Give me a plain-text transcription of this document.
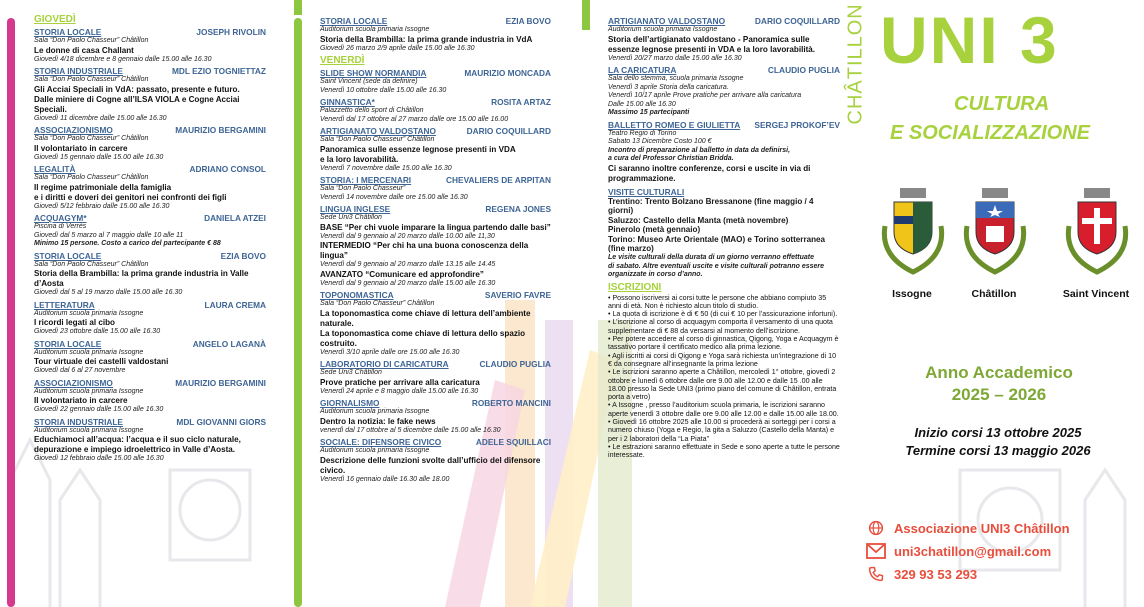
GIOVEDÌ
STORIA LOCALE	JOSEPH RIVOLIN
Sala “Don Paolo Chasseur” Châtillon
Le donne di casa Challant
Giovedì 4/18 dicembre e 8 gennaio dalle 15.00 alle 16.30
STORIA INDUSTRIALE	MDL EZIO TOGNIETTAZ
Sala “Don Paolo Chasseur” Châtillon
Gli Acciai Speciali in VdA: passato, presente e futuro.
Dalle miniere di Cogne all’ILSA VIOLA e Cogne Acciai Speciali.
Giovedì 11 dicembre dalle 15.00 alle 16.30
ASSOCIAZIONISMO	MAURIZIO BERGAMINI
Sala “Don Paolo Chasseur” Châtillon
Il volontariato in carcere
Giovedì 15 gennaio dalle 15.00 alle 16.30
LEGALITÀ	ADRIANO CONSOL
Sala “Don Paolo Chasseur” Châtillon
Il regime patrimoniale della famiglia
e i diritti e doveri dei genitori nei confronti dei figli
Giovedì 5/12 febbraio dalle 15.00 alle 16.30
ACQUAGYM*	DANIELA ATZEI
Piscina di Verrès
Giovedì dal 5 marzo al 7 maggio dalle 10 alle 11
Minimo 15 persone. Costo a carico del partecipante € 88
STORIA LOCALE	EZIA BOVO
Sala “Don Paolo Chasseur” Châtillon
Storia della Brambilla: la prima grande industria in Valle
d’Aosta
Giovedì dal 5 al 19 marzo dalle 15.00 alle 16.30
LETTERATURA	LAURA CREMA
Auditorium scuola primaria Issogne
I ricordi legati al cibo
Giovedì 23 ottobre dalle 15.00 alle 16.30
STORIA LOCALE	ANGELO LAGANÀ
Auditorium scuola primaria Issogne
Tour virtuale dei castelli valdostani
Giovedì dal 6 al 27 novembre
ASSOCIAZIONISMO	MAURIZIO BERGAMINI
Auditorium scuola primaria Issogne
Il volontariato in carcere
Giovedì 22 gennaio dalle 15.00 alle 16.30
STORIA INDUSTRIALE	MDL GIOVANNI GIORS
Auditorium scuola primaria Issogne
Educhiamoci all’acqua: l’acqua e il suo ciclo naturale,
depurazione e impiego idroelettrico in Valle d’Aosta.
Giovedì 12 febbraio dalle 15.00 alle 16.30
STORIA LOCALE	EZIA BOVO
Auditorium scuola primaria Issogne
Storia della Brambilla: la prima grande industria in VdA
Giovedì 26 marzo 2/9 aprile dalle 15.00 alle 16.30
VENERDÌ
SLIDE SHOW NORMANDIA	MAURIZIO MONCADA
Saint Vincent (sede da definire)
Venerdì 10 ottobre dalle 15.00 alle 16.30
GINNASTICA*	ROSITA ARTAZ
Palazzetto dello sport di Châtillon
Venerdì dal 17 ottobre al 27 marzo dalle ore 15.00 alle 16.00
ARTIGIANATO VALDOSTANO	DARIO COQUILLARD
Sala “Don Paolo Chasseur” Châtillon
Panoramica sulle essenze legnose presenti in VDA
e la loro lavorabilità.
Venerdì 7 novembre dalle 15.00 alle 16.30
STORIA: I MERCENARI	CHEVALIERS DE ARPITAN
Sala “Don Paolo Chasseur”
Venerdì 14 novembre dalle ore 15.00 alle 16.30
LINGUA INGLESE	REGENA JONES
Sede Uni3 Châtillon
BASE “Per chi vuole imparare la lingua partendo dalle basi”
Venerdì dal 9 gennaio al 20 marzo dalle 10.00 alle 11,30
INTERMEDIO “Per chi ha una buona conoscenza della lingua”
Venerdì dal 9 gennaio al 20 marzo dalle 13.15 alle 14.45
AVANZATO “Comunicare ed approfondire”
Venerdì dal 9 gennaio al 20 marzo dalle 15.00 alle 16.30
TOPONOMASTICA	SAVERIO FAVRE
Sala “Don Paolo Chasseur” Châtillon
La toponomastica come chiave di lettura dell’ambiente
naturale.
La toponomastica come chiave di lettura dello spazio
costruito.
Venerdì 3/10 aprile dalle ore 15.00 alle 16.30
LABORATORIO DI CARICATURA	CLAUDIO PUGLIA
Sede Uni3 Châtillon
Prove pratiche per arrivare alla caricatura
Venerdì 24 aprile e 8 maggio dalle 15.00 alle 16.30
GIORNALISMO	ROBERTO MANCINI
Auditorium scuola primaria Issogne
Dentro la notizia: le fake news
venerdì dal 17 ottobre al 5 dicembre dalle 15.00 alle 16.30
SOCIALE: DIFENSORE CIVICO	ADELE SQUILLACI
Auditorium scuola primaria Issogne
Descrizione delle funzioni svolte dall’ufficio del difensore
civico.
Venerdì 16 gennaio dalle 16.30 alle 18.00
ARTIGIANATO VALDOSTANO	DARIO COQUILLARD
Auditorium scuola primaria Issogne
Storia dell’artigianato valdostano - Panoramica sulle
essenze legnose presenti in VDA e la loro lavorabilità.
Venerdì 20/27 marzo dalle 15.00 alle 16.30
LA CARICATURA	CLAUDIO PUGLIA
Sala dello stemma, scuola primaria Issogne
Venerdì 3 aprile Storia della caricatura.
Venerdì 10/17 aprile Prove pratiche per arrivare alla caricatura
Dalle 15.00 alle 16.30
Massimo 15 partecipanti
BALLETTO ROMEO E GIULIETTA SERGEJ PROKOF’EV
Teatro Regio di Torino
Sabato 13 Dicembre Costo 100 €
Incontro di preparazione al balletto in data da definirsi,
a cura del Professor Christian Bridda.
Ci saranno inoltre conferenze, corsi e uscite in via di
programmazione.
VISITE CULTURALI
Trentino: Trento Bolzano Bressanone (fine maggio / 4 giorni)
Saluzzo: Castello della Manta (metà novembre)
Pinerolo (metà gennaio)
Torino: Museo Arte Orientale (MAO) e Torino sotterranea
(fine marzo)
Le visite culturali della durata di un giorno verranno effettuate
di sabato. Altre eventuali uscite e visite culturali potranno essere
organizzate in corso d’anno.
ISCRIZIONI
• Possono iscriversi ai corsi tutte le persone che abbiano compiuto 35 anni di età. Non è richiesto alcun titolo di studio.
• La quota di iscrizione è di € 50 (di cui € 10 per l’assicurazione infortuni).
• L’iscrizione al corso di acquagym comporta il versamento di una quota supplementare di € 88 da versarsi al momento dell’iscrizione.
• Per potere accedere al corso di ginnastica, Qigong, Yoga e Acquagym è tassativo portare il certificato medico alla prima lezione.
• Agli iscritti ai corsi di Qigong e Yoga sarà richiesta un’integrazione di 10 € da consegnare all’insegnante la prima lezione
• Le iscrizioni saranno aperte a Châtillon, mercoledì 1° ottobre, giovedì 2 ottobre e lunedì 6 ottobre dalle ore 9.00 alle 12.00 e dalle 15 .00 alle 18.00 presso la Sede UNI3 (primo piano del comune di Châtillon, entrata porta a vetro)
• A Issogne , presso l’auditorium scuola primaria, le iscrizioni saranno aperte venerdì 3 ottobre dalle ore 9.00 alle 12.00 e dalle 15.00 alle 18.00.
• Giovedì 16 ottobre 2025 alle 10.00 si procederà ai sorteggi per i corsi a numero chiuso (Yoga e Regio, la gita a Saluzzo (Castello della Manta) e per i 2 laboratori della “La Piata”
• Le estrazioni saranno effettuate in Sede e sono aperte a tutte le persone interessate.
CHÂTILLON UNI 3
CULTURA
E SOCIALIZZAZIONE
Issogne	Châtillon	Saint Vincent
Anno Accademico
2025 – 2026
Inizio corsi 13 ottobre 2025
Termine corsi 13 maggio 2026
Associazione UNI3 Châtillon
uni3chatillon@gmail.com
329 93 53 293
